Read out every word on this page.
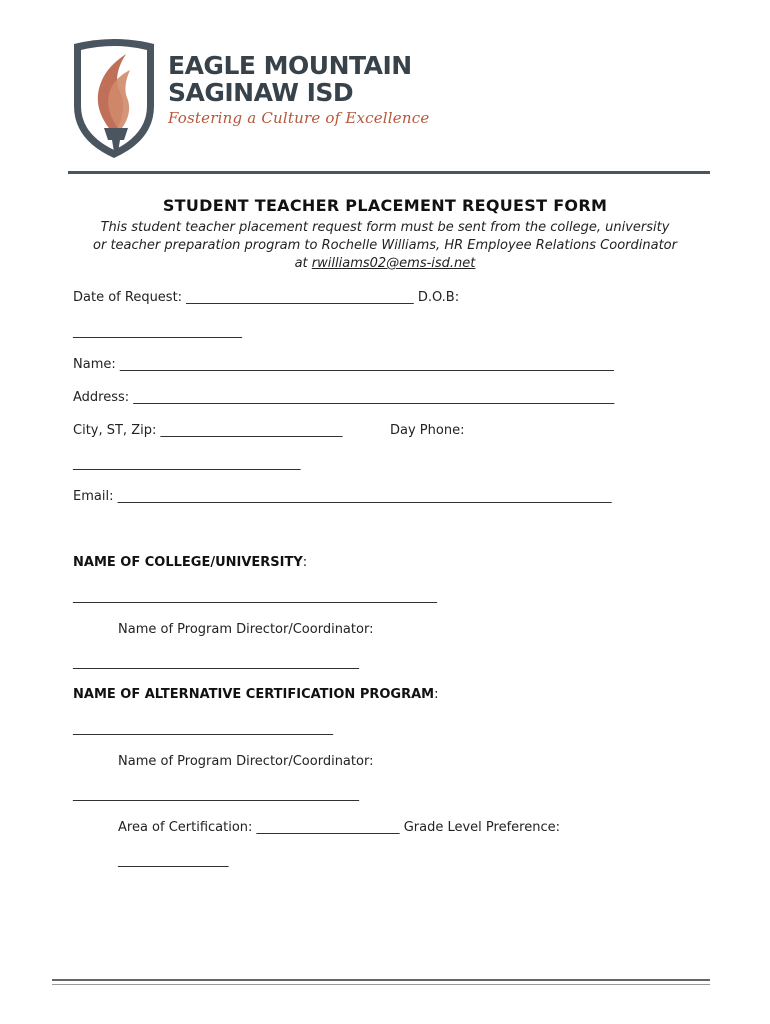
EAGLE MOUNTAIN
SAGINAW ISD
Fostering a Culture of Excellence
STUDENT TEACHER PLACEMENT REQUEST FORM
This student teacher placement request form must be sent from the college, university
or teacher preparation program to Rochelle Williams, HR Employee Relations Coordinator
at rwilliams02@ems-isd.net
Date of Request: ___________________________________ D.O.B:
__________________________
Name: ____________________________________________________________________________
Address: __________________________________________________________________________
City, ST, Zip: ____________________________	Day Phone:
___________________________________
Email: ____________________________________________________________________________
NAME OF COLLEGE/UNIVERSITY:
________________________________________________________
Name of Program Director/Coordinator:
____________________________________________
NAME OF ALTERNATIVE CERTIFICATION PROGRAM:
________________________________________
Name of Program Director/Coordinator:
____________________________________________
Area of Certification: ______________________ Grade Level Preference:
_________________
